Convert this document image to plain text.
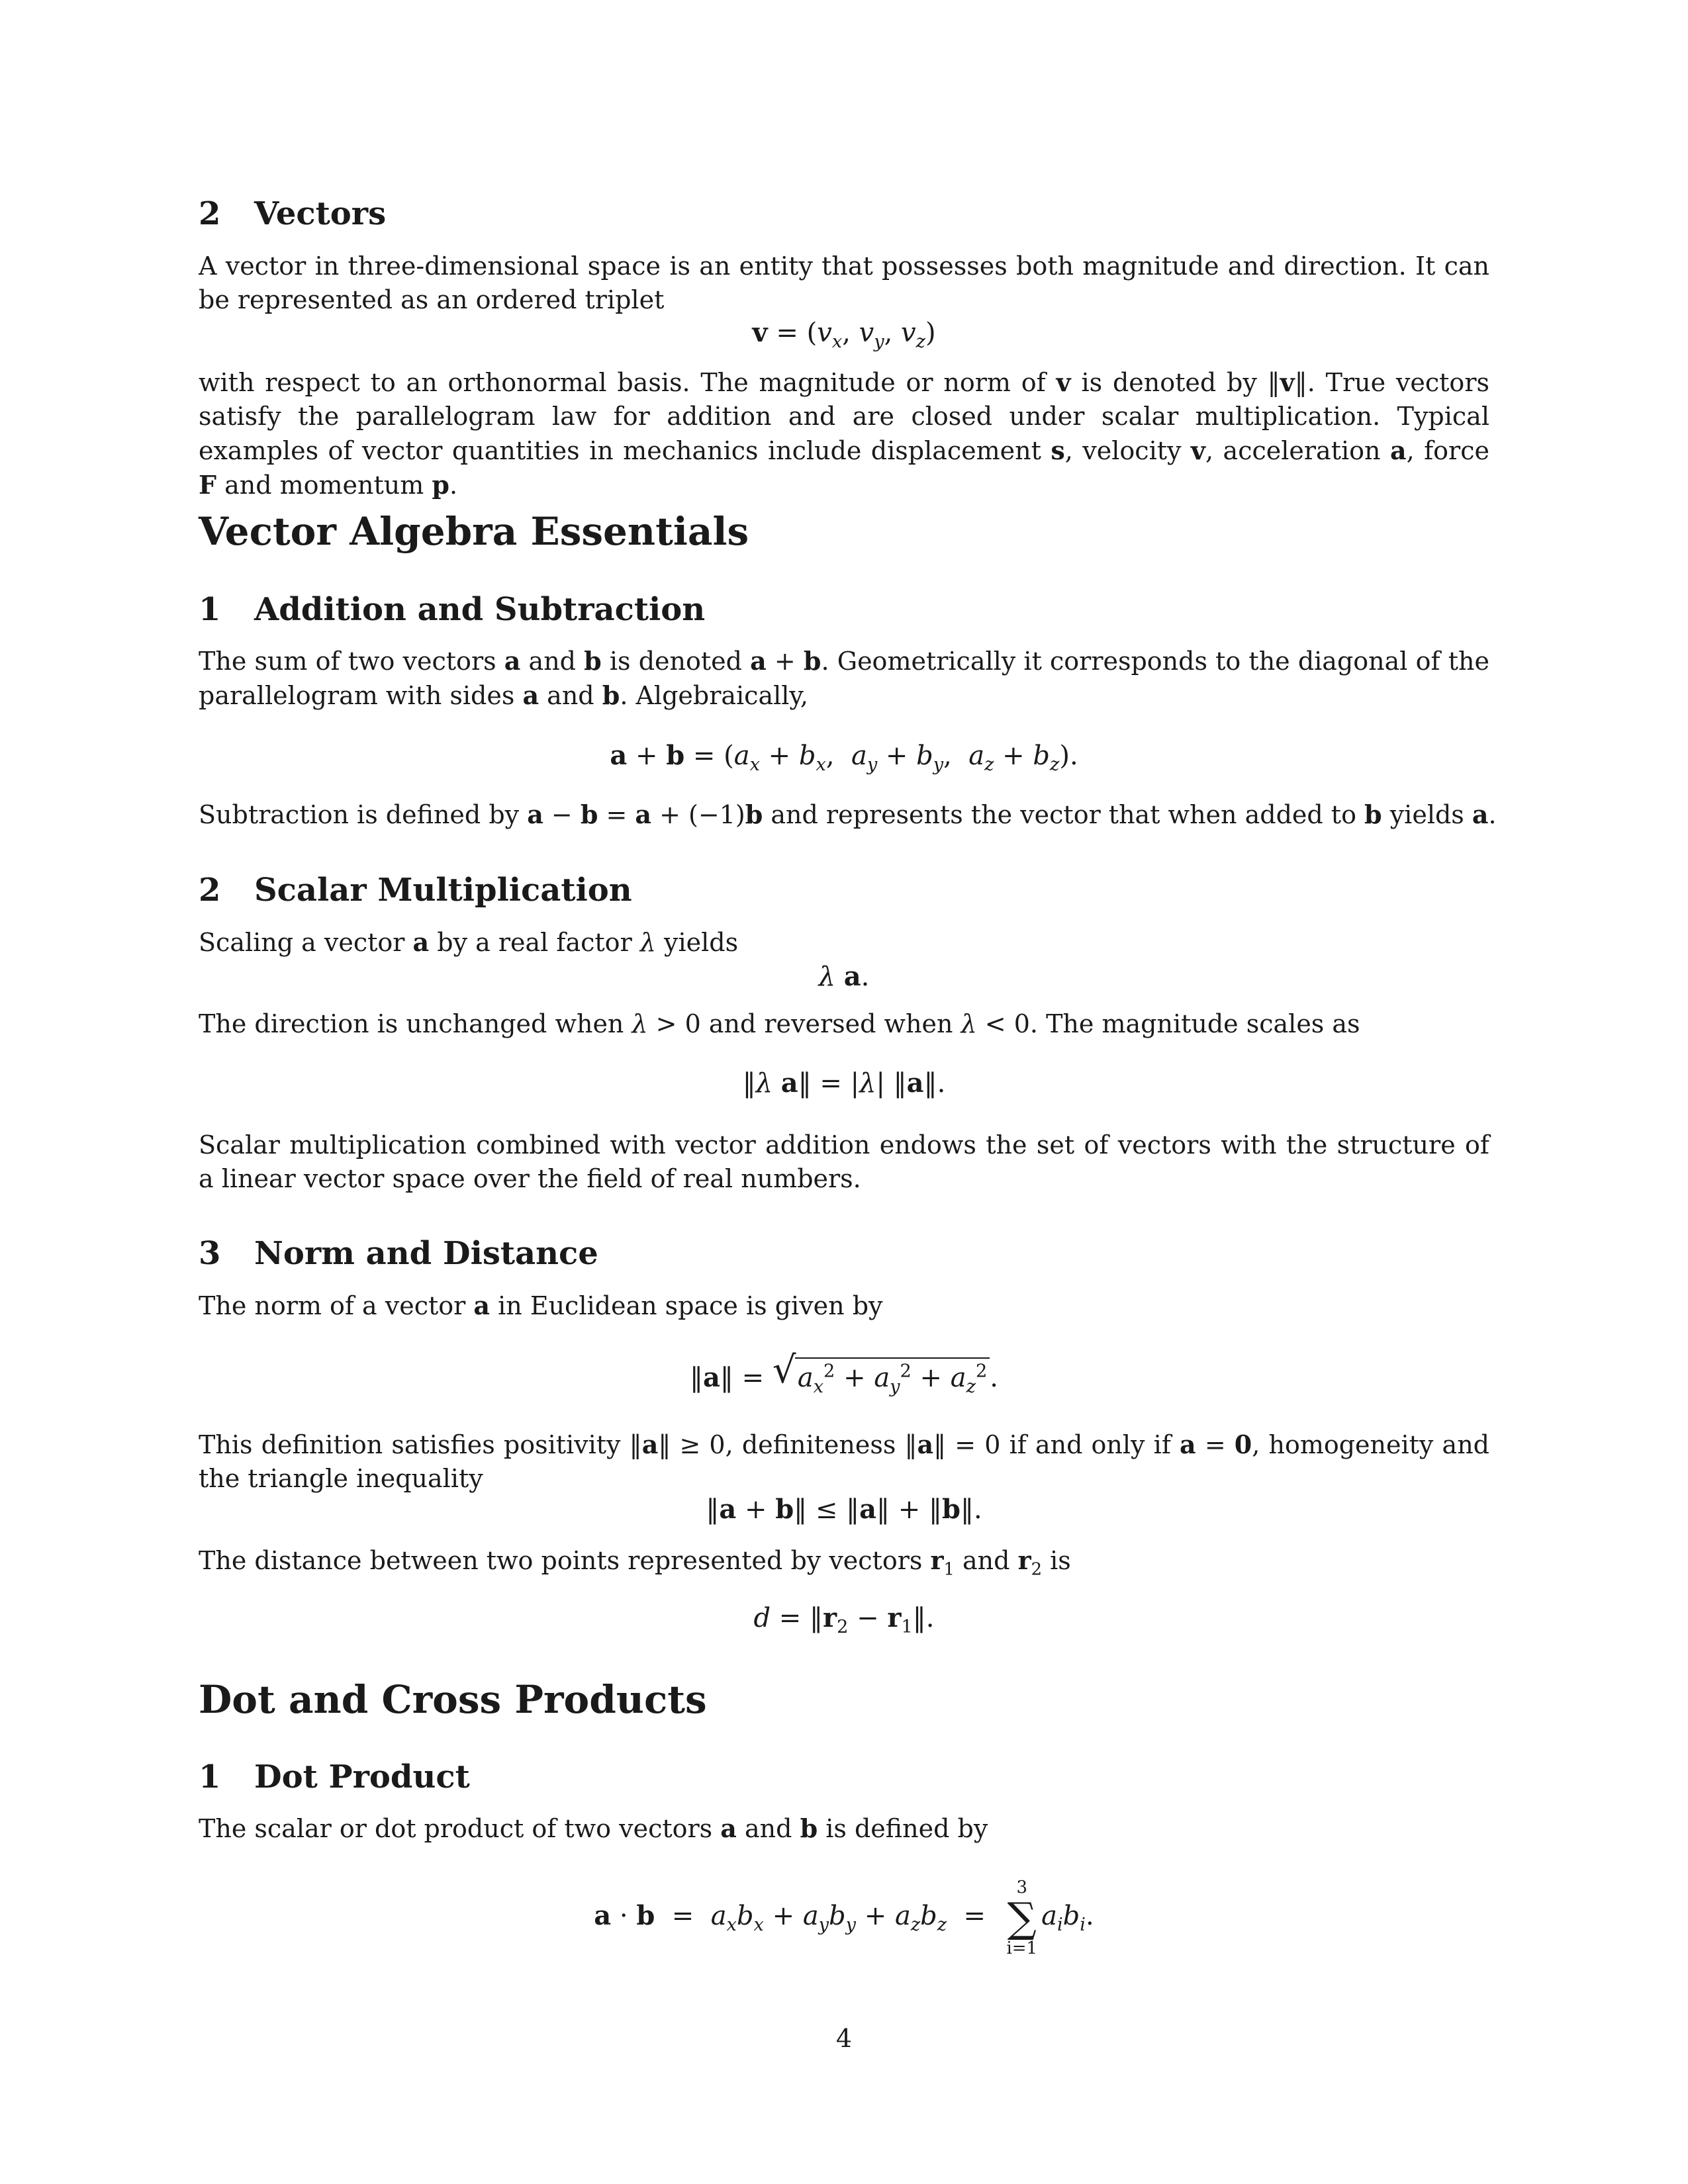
2 Vectors

A vector in three-dimensional space is an entity that possesses both magnitude and direction. It can be represented as an ordered triplet

$v = (v_x$, $v_y$, $v_z$)

with respect to an orthonormal basis. The magnitude or norm of v is denoted by ‖v‖. True vectors satisfy the parallelogram law for addition and are closed under scalar multiplication. Typical examples of vector quantities in mechanics include displacement s, velocity v, acceleration a, force F and momentum p.

Vector Algebra Essentials
1 Addition and Subtraction

The sum of two vectors a and b is denoted a + b. Geometrically it corresponds to the diagonal of the parallelogram with sides a and b. Algebraically,

$a + b = (a_x + b_x$,  $a_y + b_y$,  $a_z + b_z$).

Subtraction is defined by a − b = a + (−1)b and represents the vector that when added to b yields a.

2 Scalar Multiplication

Scaling a vector a by a real factor λ yields

λ a.

The direction is unchanged when λ > 0 and reversed when λ < 0. The magnitude scales as

‖λ a‖ = |λ| ‖a‖.

Scalar multiplication combined with vector addition endows the set of vectors with the structure of a linear vector space over the field of real numbers.

3 Norm and Distance

The norm of a vector a in Euclidean space is given by

‖a‖ = √ $a_x^2 + a_y^2 + a_z^2$ .

This definition satisfies positivity ‖a‖ ≥ 0, definiteness ‖a‖ = 0 if and only if a = 0, homogeneity and the triangle inequality

‖a + b‖ ≤ ‖a‖ + ‖b‖.

The distance between two points represented by vectors $r_1$ and $r_2$ is

$d = ‖r_2$ − $r_1‖$.
Dot and Cross Products
1 Dot Product

The scalar or dot product of two vectors a and b is defined by

$a \cdot b = a_xb_x + a_yb_y + a_zb_z$  =
3
∑
i=1
$a_ib_i$.
4
